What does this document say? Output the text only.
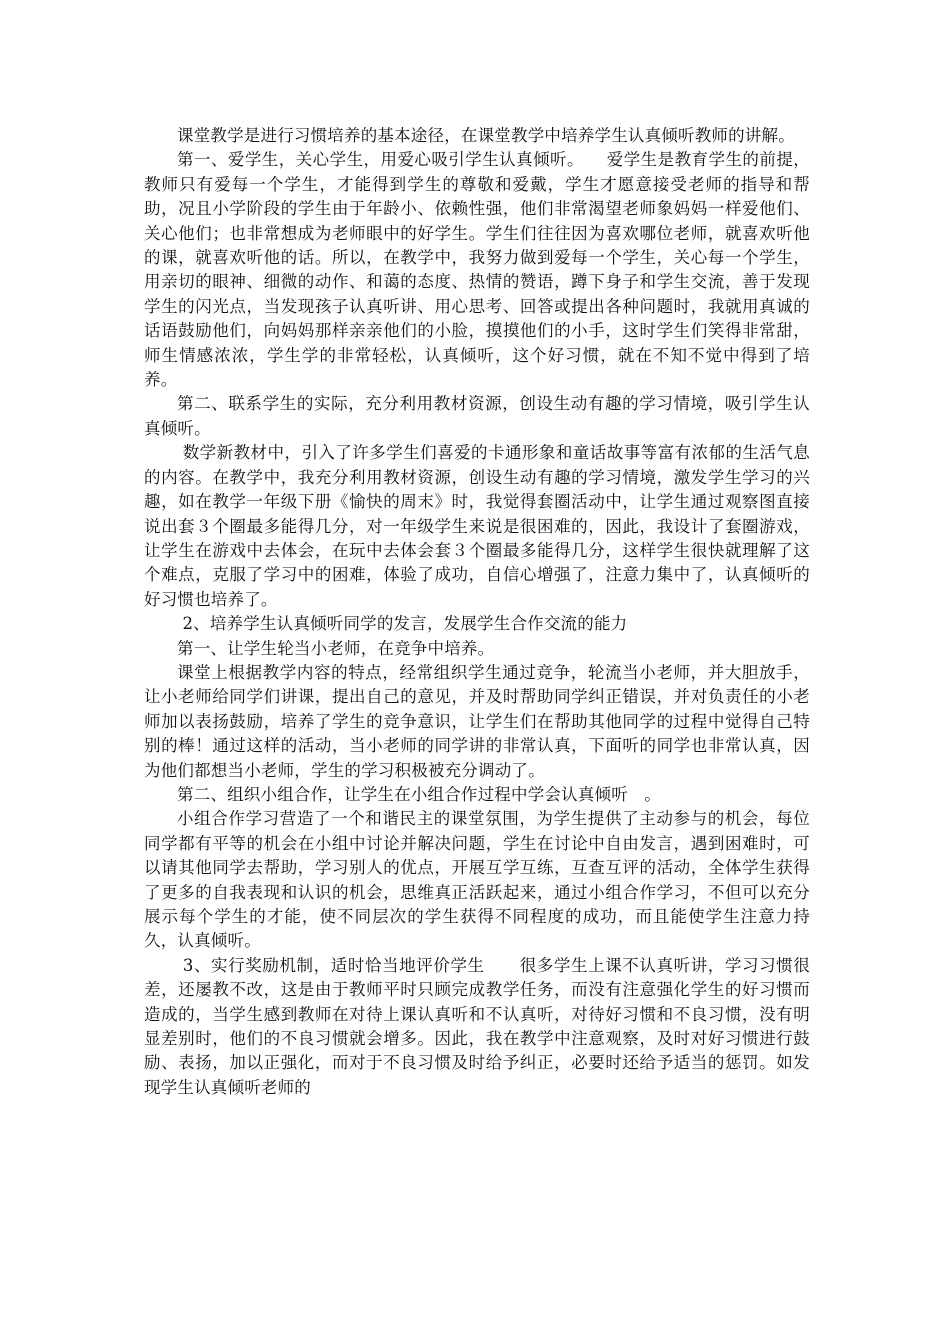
课堂教学是进行习惯培养的基本途径，在课堂教学中培养学生认真倾听教师的讲解。

第一、爱学生，关心学生，用爱心吸引学生认真倾听。    爱学生是教育学生的前提，教师只有爱每一个学生，才能得到学生的尊敬和爱戴，学生才愿意接受老师的指导和帮助，况且小学阶段的学生由于年龄小、依赖性强，他们非常渴望老师象妈妈一样爱他们、关心他们；也非常想成为老师眼中的好学生。学生们往往因为喜欢哪位老师，就喜欢听他的课，就喜欢听他的话。所以，在教学中，我努力做到爱每一个学生，关心每一个学生，用亲切的眼神、细微的动作、和蔼的态度、热情的赞语，蹲下身子和学生交流，善于发现学生的闪光点，当发现孩子认真听讲、用心思考、回答或提出各种问题时，我就用真诚的话语鼓励他们，向妈妈那样亲亲他们的小脸，摸摸他们的小手，这时学生们笑得非常甜，师生情感浓浓，学生学的非常轻松，认真倾听，这个好习惯，就在不知不觉中得到了培养。

第二、联系学生的实际，充分利用教材资源，创设生动有趣的学习情境，吸引学生认真倾听。

数学新教材中，引入了许多学生们喜爱的卡通形象和童话故事等富有浓郁的生活气息的内容。在教学中，我充分利用教材资源，创设生动有趣的学习情境，激发学生学习的兴趣，如在教学一年级下册《愉快的周末》时，我觉得套圈活动中，让学生通过观察图直接说出套３个圈最多能得几分，对一年级学生来说是很困难的，因此，我设计了套圈游戏，让学生在游戏中去体会，在玩中去体会套３个圈最多能得几分，这样学生很快就理解了这个难点，克服了学习中的困难，体验了成功，自信心增强了，注意力集中了，认真倾听的好习惯也培养了。

2、培养学生认真倾听同学的发言，发展学生合作交流的能力

第一、让学生轮当小老师，在竞争中培养。

课堂上根据教学内容的特点，经常组织学生通过竞争，轮流当小老师，并大胆放手，让小老师给同学们讲课，提出自己的意见，并及时帮助同学纠正错误，并对负责任的小老师加以表扬鼓励，培养了学生的竞争意识，让学生们在帮助其他同学的过程中觉得自己特别的棒！通过这样的活动，当小老师的同学讲的非常认真，下面听的同学也非常认真，因为他们都想当小老师，学生的学习积极被充分调动了。

第二、组织小组合作，让学生在小组合作过程中学会认真倾听   。

小组合作学习营造了一个和谐民主的课堂氛围，为学生提供了主动参与的机会，每位同学都有平等的机会在小组中讨论并解决问题，学生在讨论中自由发言，遇到困难时，可以请其他同学去帮助，学习别人的优点，开展互学互练，互查互评的活动，全体学生获得了更多的自我表现和认识的机会，思维真正活跃起来，通过小组合作学习，不但可以充分展示每个学生的才能，使不同层次的学生获得不同程度的成功，而且能使学生注意力持久，认真倾听。

3、实行奖励机制，适时恰当地评价学生      很多学生上课不认真听讲，学习习惯很差，还屡教不改，这是由于教师平时只顾完成教学任务，而没有注意强化学生的好习惯而造成的，当学生感到教师在对待上课认真听和不认真听，对待好习惯和不良习惯，没有明显差别时，他们的不良习惯就会增多。因此，我在教学中注意观察，及时对好习惯进行鼓励、表扬，加以正强化，而对于不良习惯及时给予纠正，必要时还给予适当的惩罚。如发现学生认真倾听老师的
